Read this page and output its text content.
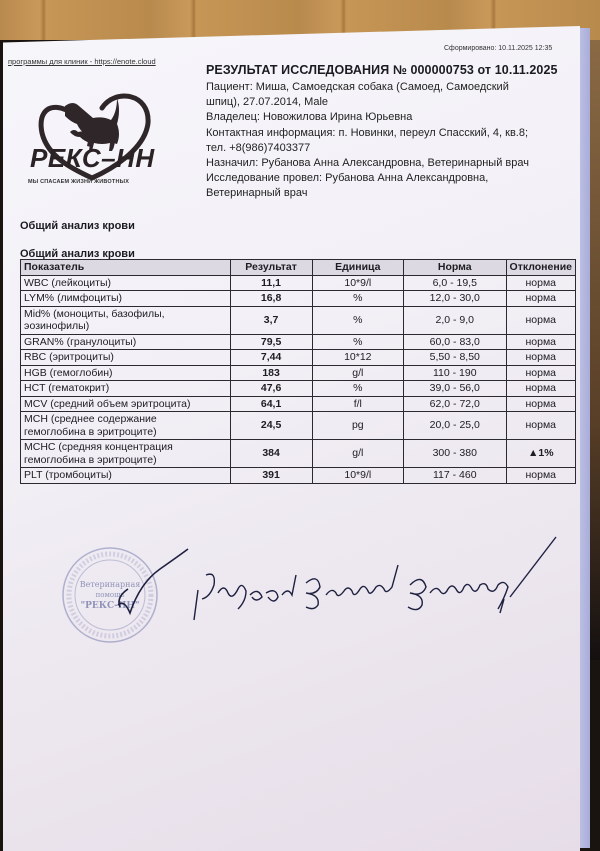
программы для клиник - https://enote.cloud
Сформировано: 10.11.2025 12:35
РЕКС–НН
МЫ СПАСАЕМ ЖИЗНИ ЖИВОТНЫХ
РЕЗУЛЬТАТ ИССЛЕДОВАНИЯ № 000000753 от 10.11.2025
Пациент: Миша, Самоедская собака (Самоед, Самоедский
шпиц), 27.07.2014, Male
Владелец: Новожилова Ирина Юрьевна
Контактная информация: п. Новинки, переул Спасский, 4, кв.8;
тел. +8(986)7403377
Назначил: Рубанова Анна Александровна, Ветеринарный врач
Исследование провел: Рубанова Анна Александровна,
Ветеринарный врач
Общий анализ крови
Общий анализ крови
Показатель	Результат	Единица	Норма	Отклонение
WBC (лейкоциты)	11,1	10*9/l	6,0 - 19,5	норма
LYM% (лимфоциты)	16,8	%	12,0 - 30,0	норма

Mid% (моноциты, базофилы,
эозинофилы)	3,7	%	2,0 - 9,0	норма
GRAN% (гранулоциты)	79,5	%	60,0 - 83,0	норма
RBC (эритроциты)	7,44	10*12	5,50 - 8,50	норма
HGB (гемоглобин)	183	g/l	110 - 190	норма
HCT (гематокрит)	47,6	%	39,0 - 56,0	норма
MCV (средний объем эритроцита)	64,1	f/l	62,0 - 72,0	норма

MCH (среднее содержание
гемоглобина в эритроците)	24,5	pg	20,0 - 25,0	норма

MCHC (средняя концентрация
гемоглобина в эритроците)	384	g/l	300 - 380	▲1%
PLT (тромбоциты)	391	10*9/l	117 - 460	норма
Ветеринарная
помощь
"РЕКС-НН"
